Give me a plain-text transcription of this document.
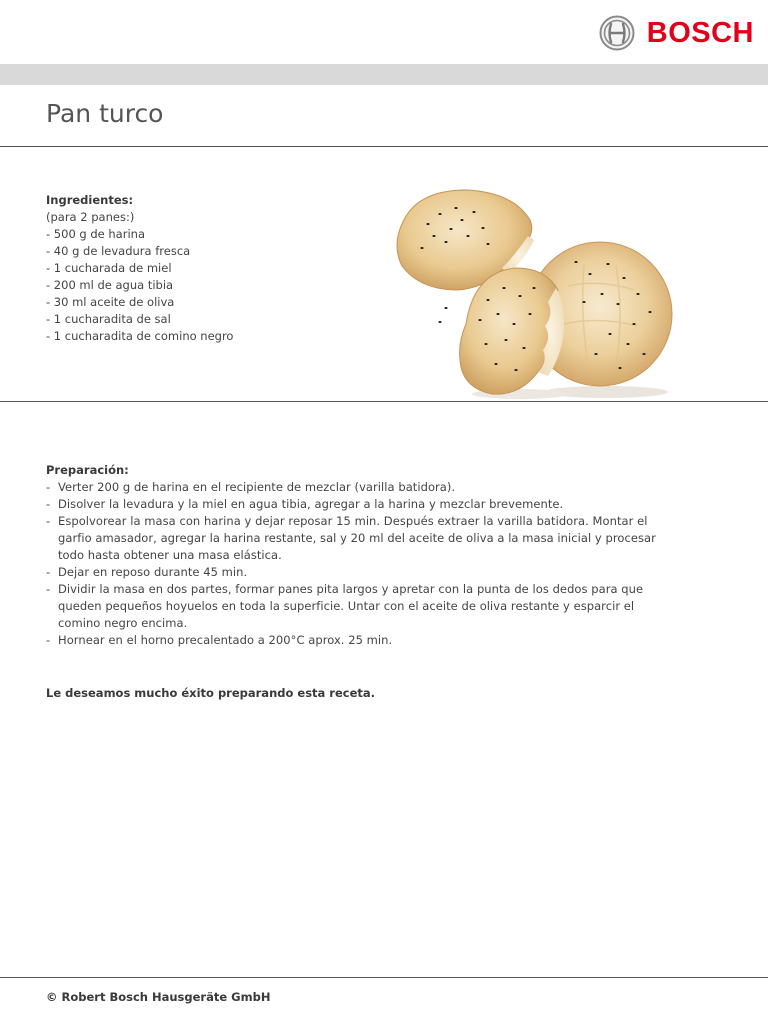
BOSCH
Pan turco
Ingredientes:
(para 2 panes:)
- 500 g de harina
- 40 g de levadura fresca
- 1 cucharada de miel
- 200 ml de agua tibia
- 30 ml aceite de oliva
- 1 cucharadita de sal
- 1 cucharadita de comino negro
Preparación:
- Verter 200 g de harina en el recipiente de mezclar (varilla batidora).
- Disolver la levadura y la miel en agua tibia, agregar a la harina y mezclar brevemente.
- Espolvorear la masa con harina y dejar reposar 15 min. Después extraer la varilla batidora. Montar el
garfio amasador, agregar la harina restante, sal y 20 ml del aceite de oliva a la masa inicial y procesar
todo hasta obtener una masa elástica.
- Dejar en reposo durante 45 min.
- Dividir la masa en dos partes, formar panes pita largos y apretar con la punta de los dedos para que
queden pequeños hoyuelos en toda la superficie. Untar con el aceite de oliva restante y esparcir el
comino negro encima.
- Hornear en el horno precalentado a 200°C aprox. 25 min.
Le deseamos mucho éxito preparando esta receta.
© Robert Bosch Hausgeräte GmbH
